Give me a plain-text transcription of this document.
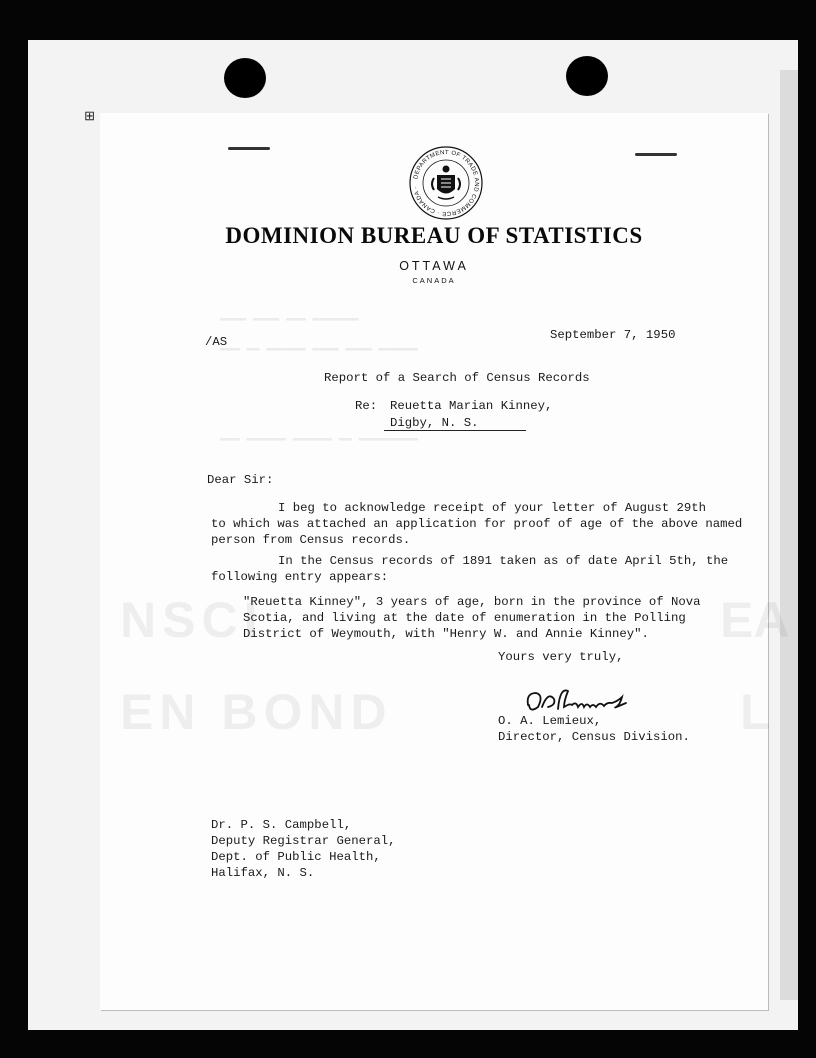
⊞
NSCI	EA
EN BOND	L
▬▬▬▬ ▬▬▬▬ ▬▬▬ ▬▬▬▬▬▬▬
▬▬▬ ▬▬ ▬▬▬▬▬▬ ▬▬▬▬ ▬▬▬▬ ▬▬▬▬▬▬
▬▬▬ ▬▬▬▬▬▬ ▬▬▬▬▬▬ ▬▬ ▬▬▬▬▬▬▬▬▬
DEPARTMENT OF TRADE AND COMMERCE · CANADA ·
DOMINION BUREAU OF STATISTICS
OTTAWA
CANADA
/AS	September 7, 1950
Report of a Search of Census Records
Re: Reuetta Marian Kinney,
Digby, N. S.
Dear Sir:
I beg to acknowledge receipt of your letter of August 29th
to which was attached an application for proof of age of the above named
person from Census records.
In the Census records of 1891 taken as of date April 5th, the
following entry appears:
"Reuetta Kinney", 3 years of age, born in the province of Nova
Scotia, and living at the date of enumeration in the Polling
District of Weymouth, with "Henry W. and Annie Kinney".
Yours very truly,
O. A. Lemieux,
Director, Census Division.
Dr. P. S. Campbell,
Deputy Registrar General,
Dept. of Public Health,
Halifax, N. S.
